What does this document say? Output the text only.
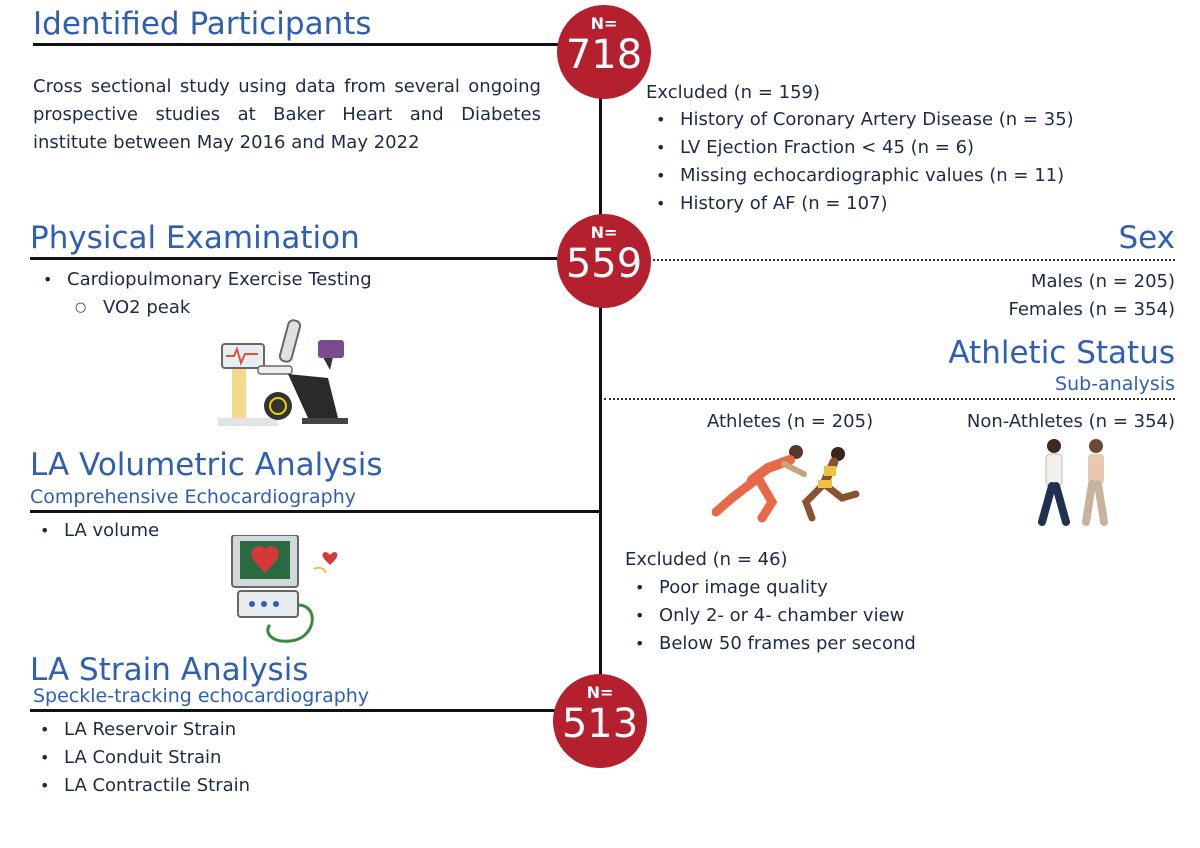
Identified Participants	N=
718
Cross sectional study using data from several ongoing prospective studies at Baker Heart and Diabetes institute between May 2016 and May 2022
Excluded (n = 159)
• History of Coronary Artery Disease (n = 35)
• LV Ejection Fraction < 45 (n = 6)
• Missing echocardiographic values (n = 11)
• History of AF (n = 107)
Physical Examination	N=
559
• Cardiopulmonary Exercise Testing
○ VO2 peak
Sex
Males (n = 205)
Females (n = 354)
Athletic Status
Sub-analysis
Athletes (n = 205)	Non-Athletes (n = 354)
LA Volumetric Analysis
Comprehensive Echocardiography
• LA volume
Excluded (n = 46)
• Poor image quality
• Only 2- or 4- chamber view
• Below 50 frames per second
LA Strain Analysis
Speckle-tracking echocardiography	N=
513
• LA Reservoir Strain
• LA Conduit Strain
• LA Contractile Strain
